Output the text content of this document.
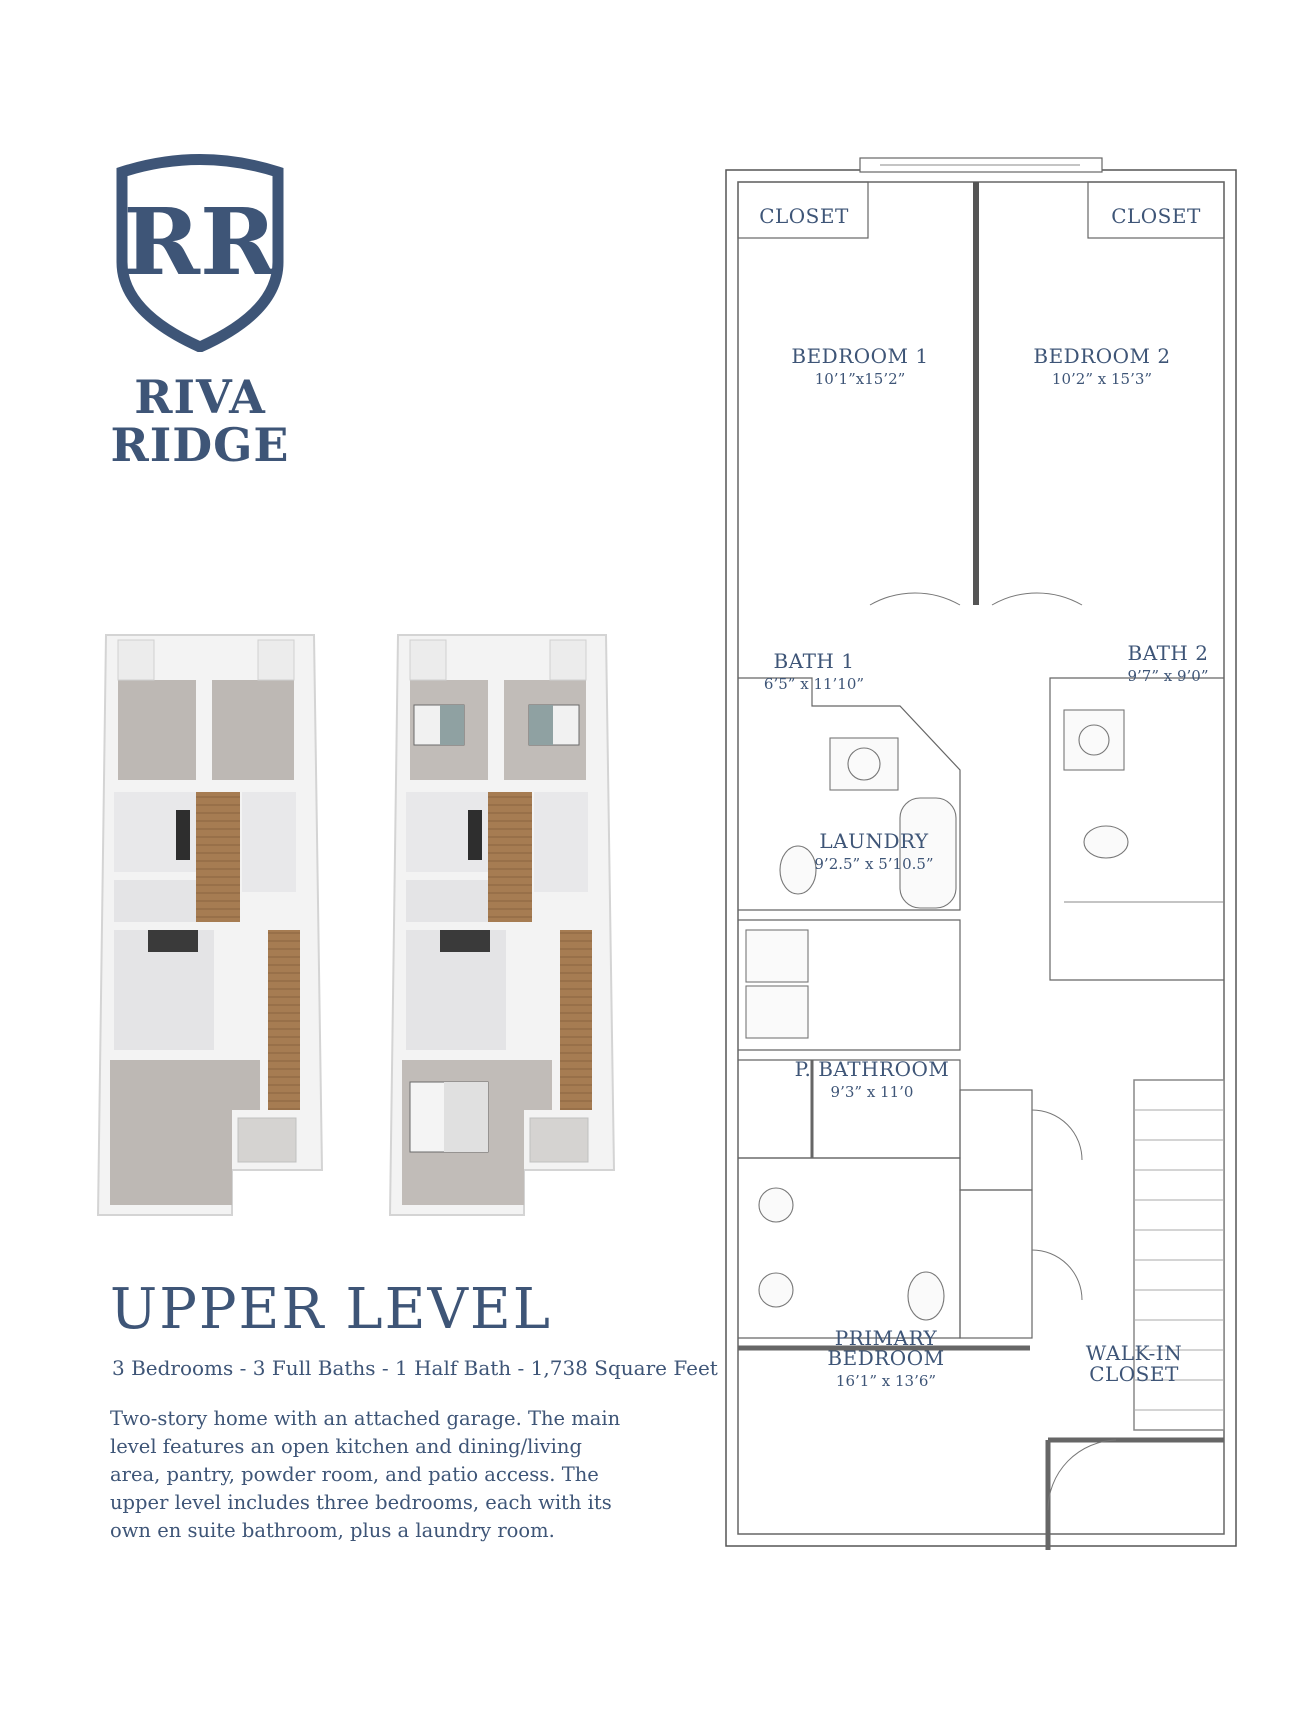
RR
RIVA
RIDGE
UPPER LEVEL
3 Bedrooms - 3 Full Baths - 1 Half Bath - 1,738 Square Feet
Two-story home with an attached garage. The main level features an open kitchen and dining/living area, pantry, powder room, and patio access. The upper level includes three bedrooms, each with its own en suite bathroom, plus a laundry room.
CLOSET	CLOSET
BEDROOM 1
10’1”x15’2”
BEDROOM 2
10’2” x 15’3”
BATH 1
6’5” x 11’10”
BATH 2
9’7” x 9’0”
LAUNDRY
9’2.5” x 5’10.5”
P. BATHROOM
9’3” x 11’0
PRIMARY
BEDROOM
16’1” x 13’6”
WALK-IN
CLOSET
